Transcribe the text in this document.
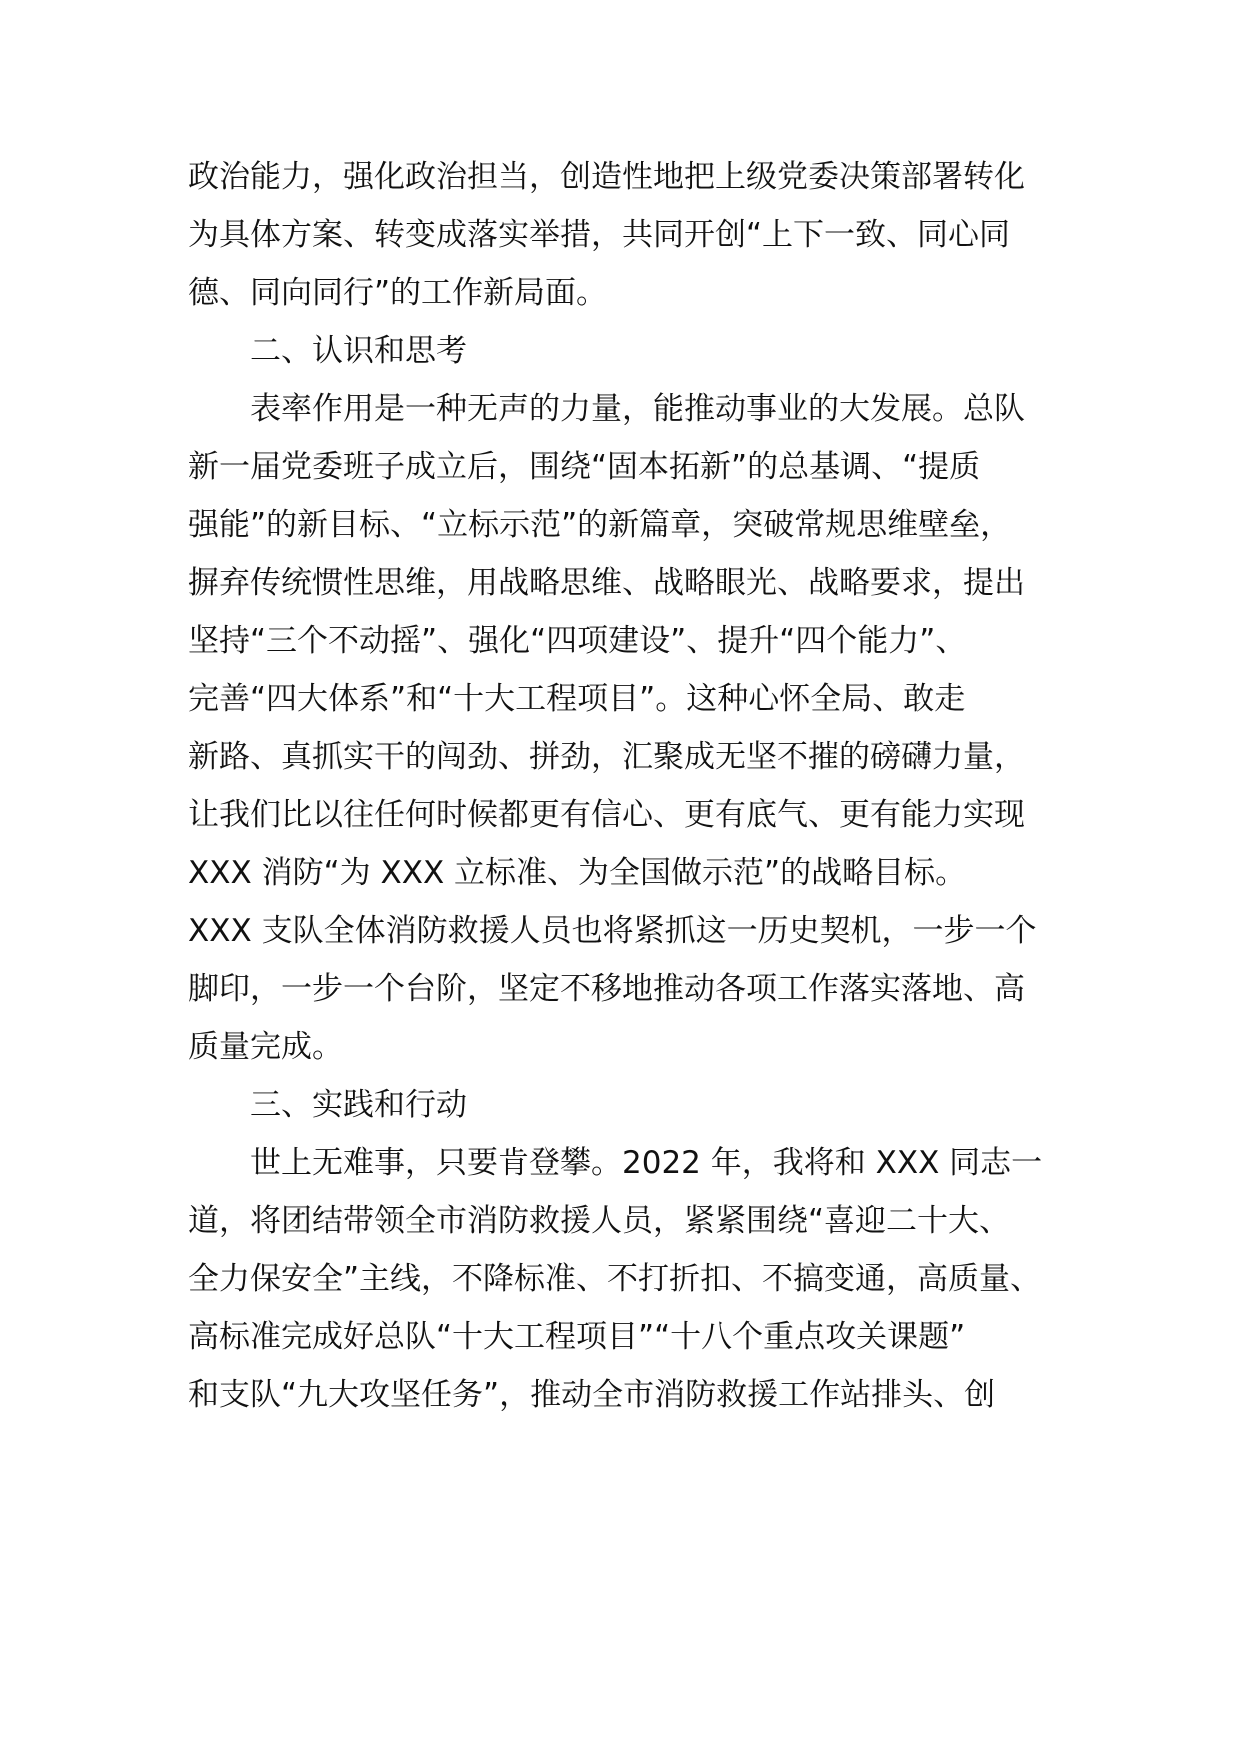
政治能力，强化政治担当，创造性地把上级党委决策部署转化
为具体方案、转变成落实举措，共同开创“上下一致、同心同
德、同向同行”的工作新局面。
二、认识和思考
表率作用是一种无声的力量，能推动事业的大发展。总队
新一届党委班子成立后，围绕“固本拓新”的总基调、“提质
强能”的新目标、“立标示范”的新篇章，突破常规思维壁垒，
摒弃传统惯性思维，用战略思维、战略眼光、战略要求，提出
坚持“三个不动摇”、强化“四项建设”、提升“四个能力”、
完善“四大体系”和“十大工程项目”。这种心怀全局、敢走
新路、真抓实干的闯劲、拼劲，汇聚成无坚不摧的磅礴力量，
让我们比以往任何时候都更有信心、更有底气、更有能力实现
XXX 消防“为 XXX 立标准、为全国做示范”的战略目标。
XXX 支队全体消防救援人员也将紧抓这一历史契机，一步一个
脚印，一步一个台阶，坚定不移地推动各项工作落实落地、高
质量完成。
三、实践和行动
世上无难事，只要肯登攀。2022 年，我将和 XXX 同志一
道，将团结带领全市消防救援人员，紧紧围绕“喜迎二十大、
全力保安全”主线，不降标准、不打折扣、不搞变通，高质量、
高标准完成好总队“十大工程项目”“十八个重点攻关课题”
和支队“九大攻坚任务”，推动全市消防救援工作站排头、创
